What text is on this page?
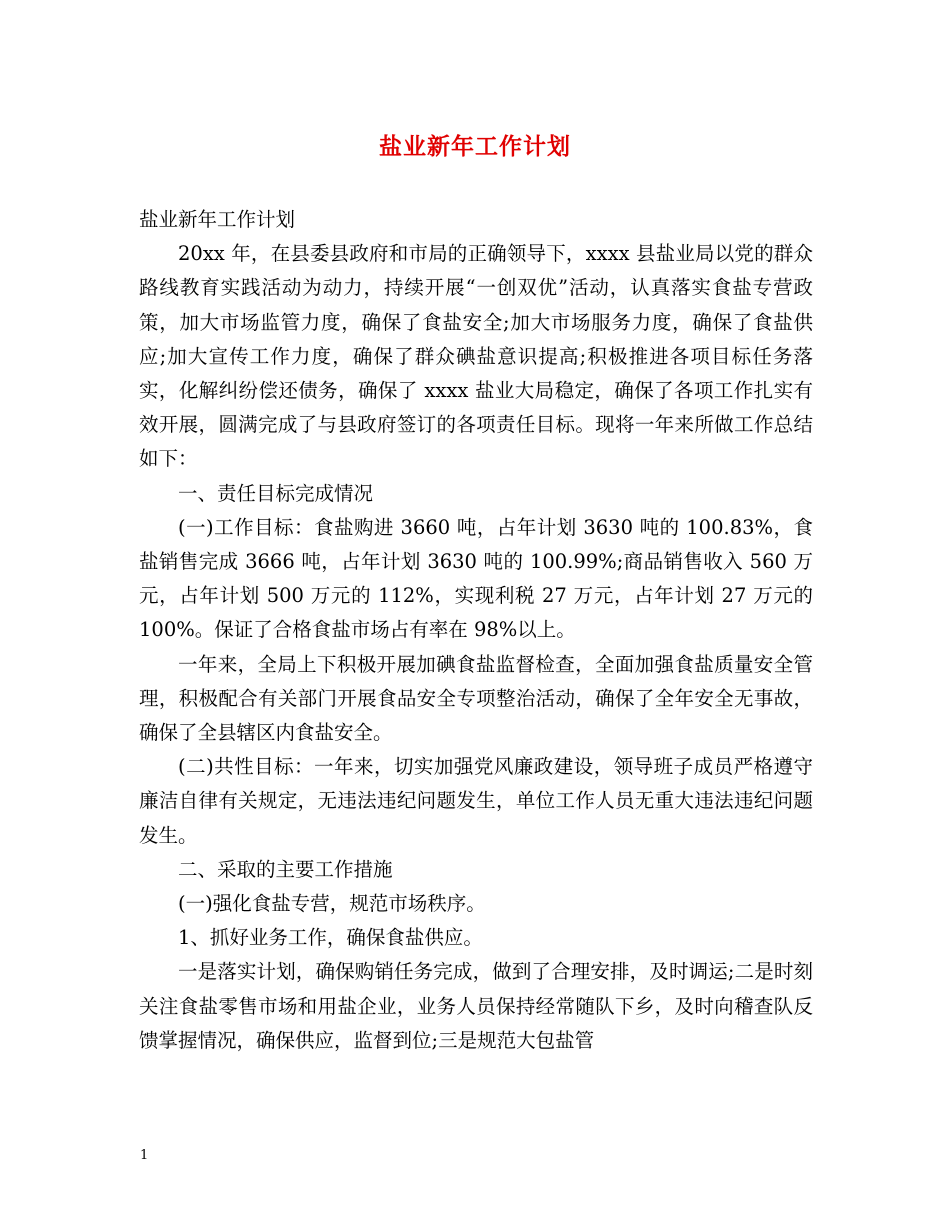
盐业新年工作计划

盐业新年工作计划

20xx 年，在县委县政府和市局的正确领导下，xxxx 县盐业局以党的群众路线教育实践活动为动力，持续开展“一创双优”活动，认真落实食盐专营政策，加大市场监管力度，确保了食盐安全;加大市场服务力度，确保了食盐供应;加大宣传工作力度，确保了群众碘盐意识提高;积极推进各项目标任务落实，化解纠纷偿还债务，确保了 xxxx 盐业大局稳定，确保了各项工作扎实有效开展，圆满完成了与县政府签订的各项责任目标。现将一年来所做工作总结如下：

一、责任目标完成情况

(一)工作目标：食盐购进 3660 吨，占年计划 3630 吨的 100.83%，食盐销售完成 3666 吨，占年计划 3630 吨的 100.99%;商品销售收入 560 万元，占年计划 500 万元的 112%，实现利税 27 万元，占年计划 27 万元的 100%。保证了合格食盐市场占有率在 98%以上。

一年来，全局上下积极开展加碘食盐监督检查，全面加强食盐质量安全管理，积极配合有关部门开展食品安全专项整治活动，确保了全年安全无事故，确保了全县辖区内食盐安全。

(二)共性目标：一年来，切实加强党风廉政建设，领导班子成员严格遵守廉洁自律有关规定，无违法违纪问题发生，单位工作人员无重大违法违纪问题发生。

二、采取的主要工作措施

(一)强化食盐专营，规范市场秩序。

1、抓好业务工作，确保食盐供应。

一是落实计划，确保购销任务完成，做到了合理安排，及时调运;二是时刻关注食盐零售市场和用盐企业，业务人员保持经常随队下乡，及时向稽查队反馈掌握情况，确保供应，监督到位;三是规范大包盐管

1
